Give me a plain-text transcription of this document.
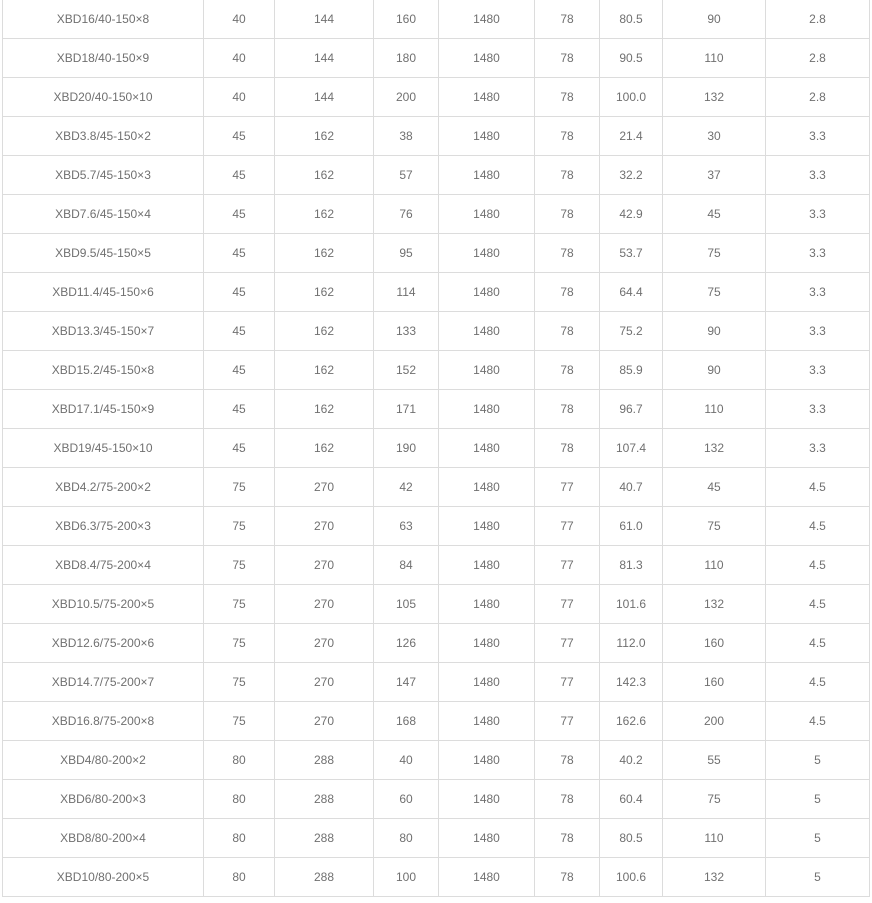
XBD16/40-150×8	40	144	160	1480	78	80.5	90	2.8
XBD18/40-150×9	40	144	180	1480	78	90.5	110	2.8
XBD20/40-150×10	40	144	200	1480	78	100.0	132	2.8
XBD3.8/45-150×2	45	162	38	1480	78	21.4	30	3.3
XBD5.7/45-150×3	45	162	57	1480	78	32.2	37	3.3
XBD7.6/45-150×4	45	162	76	1480	78	42.9	45	3.3
XBD9.5/45-150×5	45	162	95	1480	78	53.7	75	3.3
XBD11.4/45-150×6	45	162	114	1480	78	64.4	75	3.3
XBD13.3/45-150×7	45	162	133	1480	78	75.2	90	3.3
XBD15.2/45-150×8	45	162	152	1480	78	85.9	90	3.3
XBD17.1/45-150×9	45	162	171	1480	78	96.7	110	3.3
XBD19/45-150×10	45	162	190	1480	78	107.4	132	3.3
XBD4.2/75-200×2	75	270	42	1480	77	40.7	45	4.5
XBD6.3/75-200×3	75	270	63	1480	77	61.0	75	4.5
XBD8.4/75-200×4	75	270	84	1480	77	81.3	110	4.5
XBD10.5/75-200×5	75	270	105	1480	77	101.6	132	4.5
XBD12.6/75-200×6	75	270	126	1480	77	112.0	160	4.5
XBD14.7/75-200×7	75	270	147	1480	77	142.3	160	4.5
XBD16.8/75-200×8	75	270	168	1480	77	162.6	200	4.5
XBD4/80-200×2	80	288	40	1480	78	40.2	55	5
XBD6/80-200×3	80	288	60	1480	78	60.4	75	5
XBD8/80-200×4	80	288	80	1480	78	80.5	110	5
XBD10/80-200×5	80	288	100	1480	78	100.6	132	5
